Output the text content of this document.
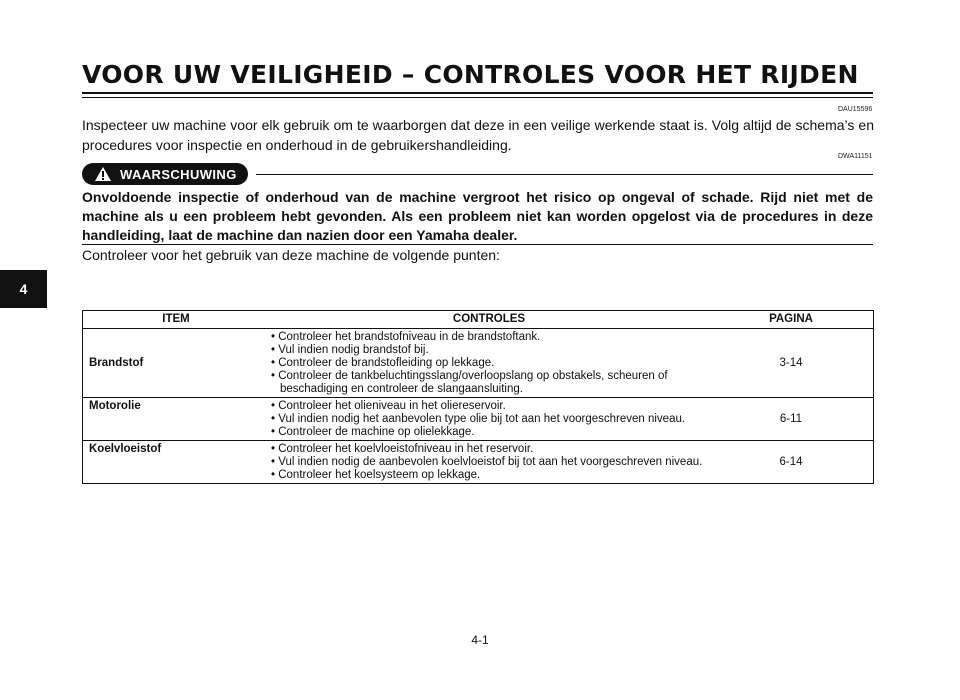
VOOR UW VEILIGHEID – CONTROLES VOOR HET RIJDEN
DAU15596

Inspecteer uw machine voor elk gebruik om te waarborgen dat deze in een veilige werkende staat is. Volg altijd de schema’s en procedures voor inspectie en onderhoud in de gebruikershandleiding.

DWA11151
WAARSCHUWING

Onvoldoende inspectie of onderhoud van de machine vergroot het risico op ongeval of schade. Rijd niet met de machine als u een probleem hebt gevonden. Als een probleem niet kan worden opgelost via de procedures in deze handleiding, laat de machine dan nazien door een Yamaha dealer.

Controleer voor het gebruik van deze machine de volgende punten:

4
ITEM	CONTROLES	PAGINA
Brandstof	• Controleer het brandstofniveau in de brandstoftank.
• Vul indien nodig brandstof bij.
• Controleer de brandstofleiding op lekkage.
• Controleer de tankbeluchtingsslang/overloopslang op obstakels, scheuren of beschadiging en controleer de slangaansluiting.	3-14
Motorolie	• Controleer het olieniveau in het oliereservoir.
• Vul indien nodig het aanbevolen type olie bij tot aan het voorgeschreven niveau.
• Controleer de machine op olielekkage.	6-11
Koelvloeistof	• Controleer het koelvloeistofniveau in het reservoir.
• Vul indien nodig de aanbevolen koelvloeistof bij tot aan het voorgeschreven niveau.
• Controleer het koelsysteem op lekkage.	6-14
4-1
